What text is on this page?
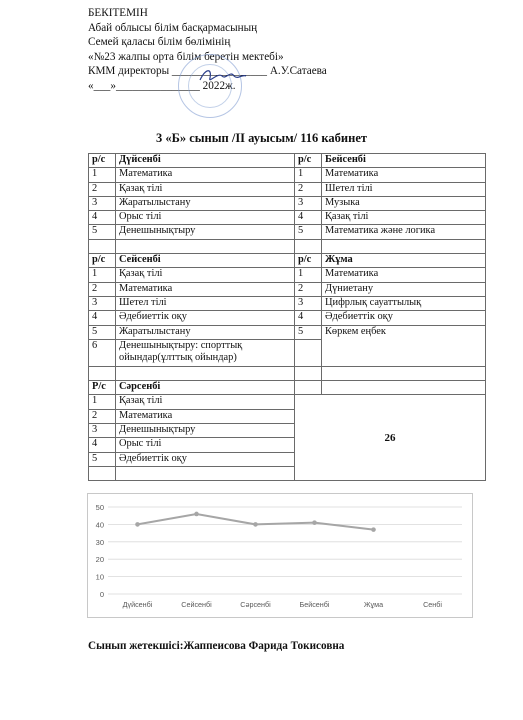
БЕКІТЕМІН
Абай облысы білім басқармасының
Семей қаласы білім бөлімінің
«№23 жалпы орта білім беретін мектебі»
КММ директоры _________________ А.У.Сатаева
«___»_______________ 2022ж.
3 «Б» сынып /ІІ ауысым/ 116 кабинет
р/с	Дүйсенбі	р/с	Бейсенбі
1	Математика	1	Математика
2	Қазақ тілі	2	Шетел тілі
3	Жаратылыстану	3	Музыка
4	Орыс тілі	4	Қазақ тілі
5	Денешынықтыру	5	Математика және логика

р/с	Сейсенбі	р/с	Жұма
1	Қазақ тілі	1	Математика
2	Математика	2	Дүниетану
3	Шетел тілі	3	Цифрлық сауаттылық
4	Әдебиеттік оқу	4	Әдебиеттік оқу
5	Жаратылыстану	5	Көркем еңбек
6	Денешынықтыру: спорттық ойындар(ұлттық ойындар)		

Р/с	Сәрсенбі		
1	Қазақ тілі	26	
2	Математика		
3	Денешынықтыру		
4	Орыс тілі		
5	Әдебиеттік оқу		

0
10
20
30
40
50
Дүйсенбі	Сейсенбі	Сәрсенбі	Бейсенбі	Жұма	Сенбі
Сынып жетекшісі:Жаппеисова Фарида Токисовна
